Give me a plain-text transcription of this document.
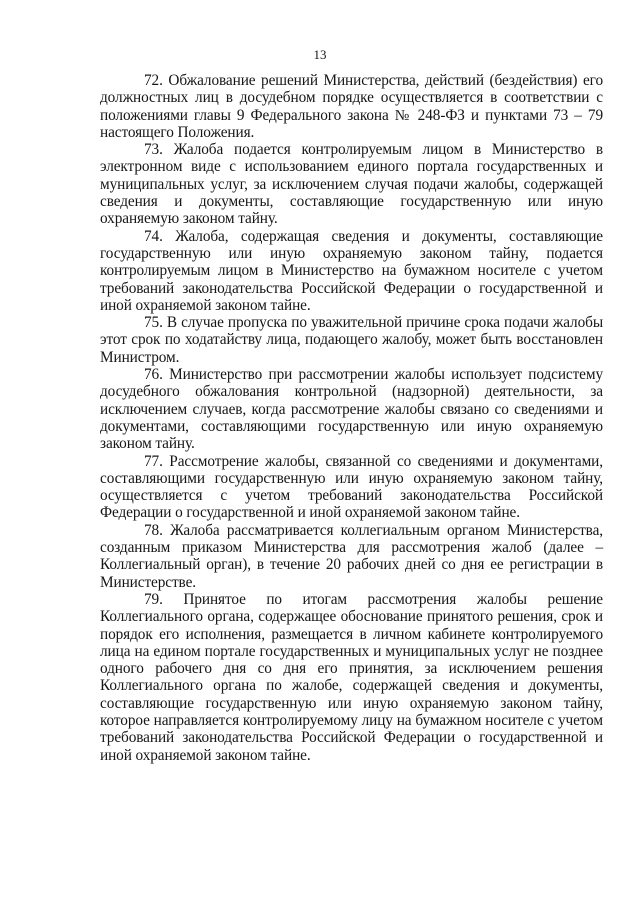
13

72. Обжалование решений Министерства, действий (бездействия) его должностных лиц в досудебном порядке осуществляется в соответствии с положениями главы 9 Федерального закона № 248-ФЗ и пунктами 73 – 79 настоящего Положения.

73. Жалоба подается контролируемым лицом в Министерство в электронном виде с использованием единого портала государственных и муниципальных услуг, за исключением случая подачи жалобы, содержащей сведения и документы, составляющие государственную или иную охраняемую законом тайну.

74. Жалоба, содержащая сведения и документы, составляющие государственную или иную охраняемую законом тайну, подается контролируемым лицом в Министерство на бумажном носителе с учетом требований законодательства Российской Федерации о государственной и иной охраняемой законом тайне.

75. В случае пропуска по уважительной причине срока подачи жалобы этот срок по ходатайству лица, подающего жалобу, может быть восстановлен Министром.

76. Министерство при рассмотрении жалобы использует подсистему досудебного обжалования контрольной (надзорной) деятельности, за исключением случаев, когда рассмотрение жалобы связано со сведениями и документами, составляющими государственную или иную охраняемую законом тайну.

77. Рассмотрение жалобы, связанной со сведениями и документами, составляющими государственную или иную охраняемую законом тайну, осуществляется с учетом требований законодательства Российской Федерации о государственной и иной охраняемой законом тайне.

78. Жалоба рассматривается коллегиальным органом Министерства, созданным приказом Министерства для рассмотрения жалоб (далее – Коллегиальный орган), в течение 20 рабочих дней со дня ее регистрации в Министерстве.

79. Принятое по итогам рассмотрения жалобы решение Коллегиального органа, содержащее обоснование принятого решения, срок и порядок его исполнения, размещается в личном кабинете контролируемого лица на едином портале государственных и муниципальных услуг не позднее одного рабочего дня со дня его принятия, за исключением решения Коллегиального органа по жалобе, содержащей сведения и документы, составляющие государственную или иную охраняемую законом тайну, которое направляется контролируемому лицу на бумажном носителе с учетом требований законодательства Российской Федерации о государственной и иной охраняемой законом тайне.
